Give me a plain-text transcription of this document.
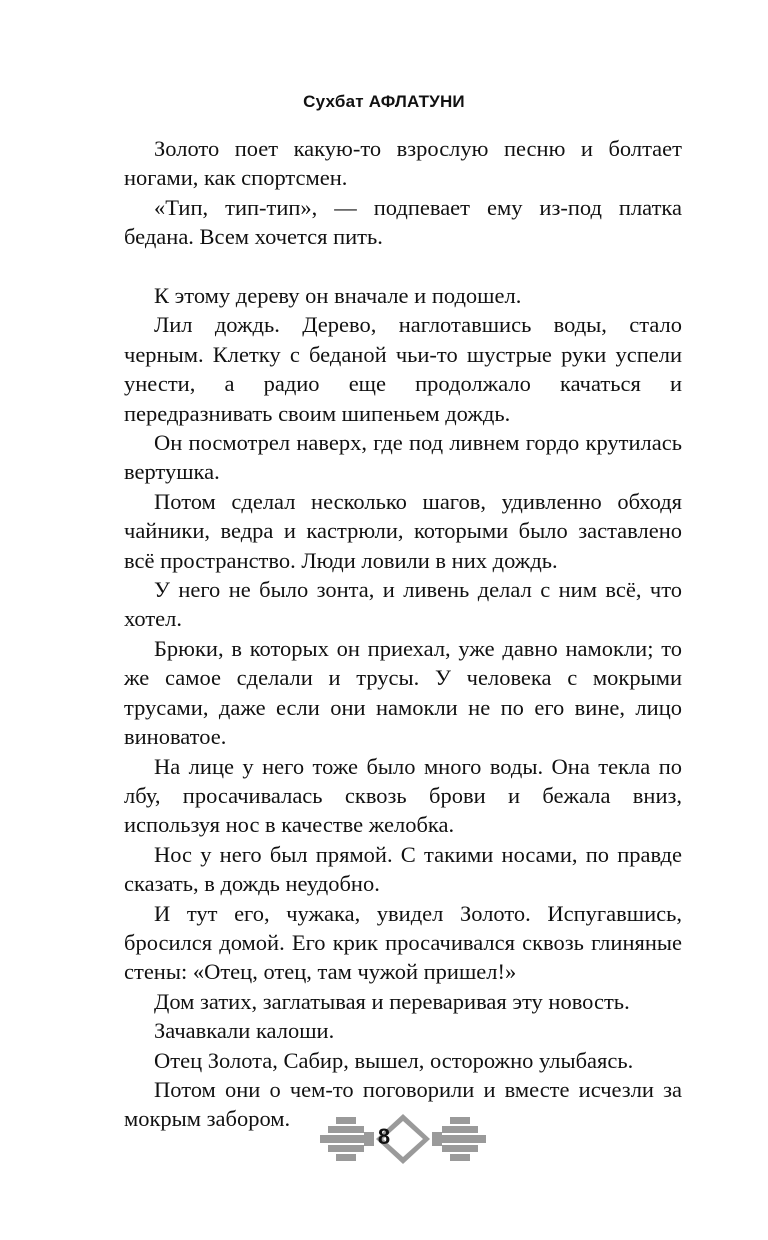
Сухбат АФЛАТУНИ

Золото поет какую-то взрослую песню и болтает ногами, как спортсмен.

«Тип, тип-тип», — подпевает ему из-под платка бедана. Всем хочется пить.

К этому дереву он вначале и подошел.

Лил дождь. Дерево, наглотавшись воды, стало черным. Клетку с беданой чьи-то шустрые руки успели унести, а радио еще продолжало качаться и передразнивать своим шипеньем дождь.

Он посмотрел наверх, где под ливнем гордо крутилась вертушка.

Потом сделал несколько шагов, удивленно обходя чайники, ведра и кастрюли, которыми было заставлено всё пространство. Люди ловили в них дождь.

У него не было зонта, и ливень делал с ним всё, что хотел.

Брюки, в которых он приехал, уже давно намокли; то же самое сделали и трусы. У человека с мокрыми трусами, даже если они намокли не по его вине, лицо виноватое.

На лице у него тоже было много воды. Она текла по лбу, просачивалась сквозь брови и бежала вниз, используя нос в качестве желобка.

Нос у него был прямой. С такими носами, по правде сказать, в дождь неудобно.

И тут его, чужака, увидел Золото. Испугавшись, бросился домой. Его крик просачивался сквозь глиняные стены: «Отец, отец, там чужой пришел!»

Дом затих, заглатывая и переваривая эту новость.

Зачавкали калоши.

Отец Золота, Сабир, вышел, осторожно улыбаясь.

Потом они о чем-то поговорили и вместе исчезли за мокрым забором.

8
